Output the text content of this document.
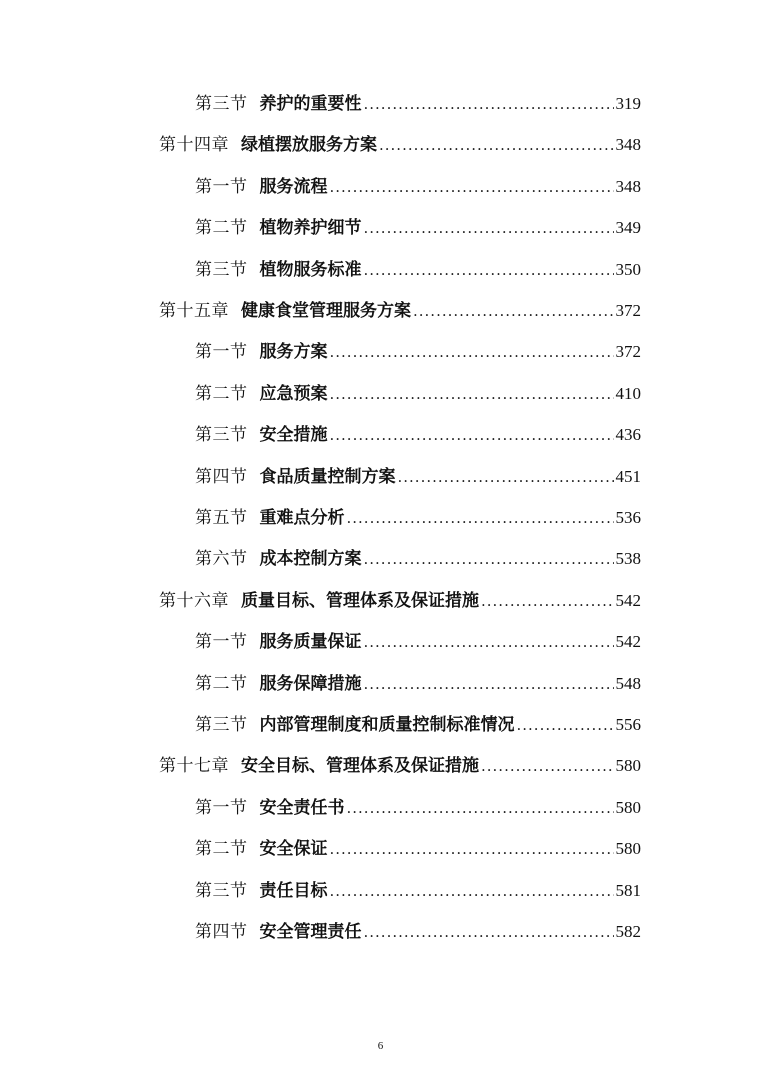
第三节 养护的重要性 .....	319
第十四章 绿植摆放服务方案 .....	348
第一节 服务流程 .....	348
第二节 植物养护细节 .....	349
第三节 植物服务标准 .....	350
第十五章 健康食堂管理服务方案 .....	372
第一节 服务方案 .....	372
第二节 应急预案 .....	410
第三节 安全措施 .....	436
第四节 食品质量控制方案 .....	451
第五节 重难点分析 .....	536
第六节 成本控制方案 .....	538
第十六章 质量目标、管理体系及保证措施 .....	542
第一节 服务质量保证 .....	542
第二节 服务保障措施 .....	548
第三节 内部管理制度和质量控制标准情况 .....	556
第十七章 安全目标、管理体系及保证措施 .....	580
第一节 安全责任书 .....	580
第二节 安全保证 .....	580
第三节 责任目标 .....	581
第四节 安全管理责任 .....	582
6
